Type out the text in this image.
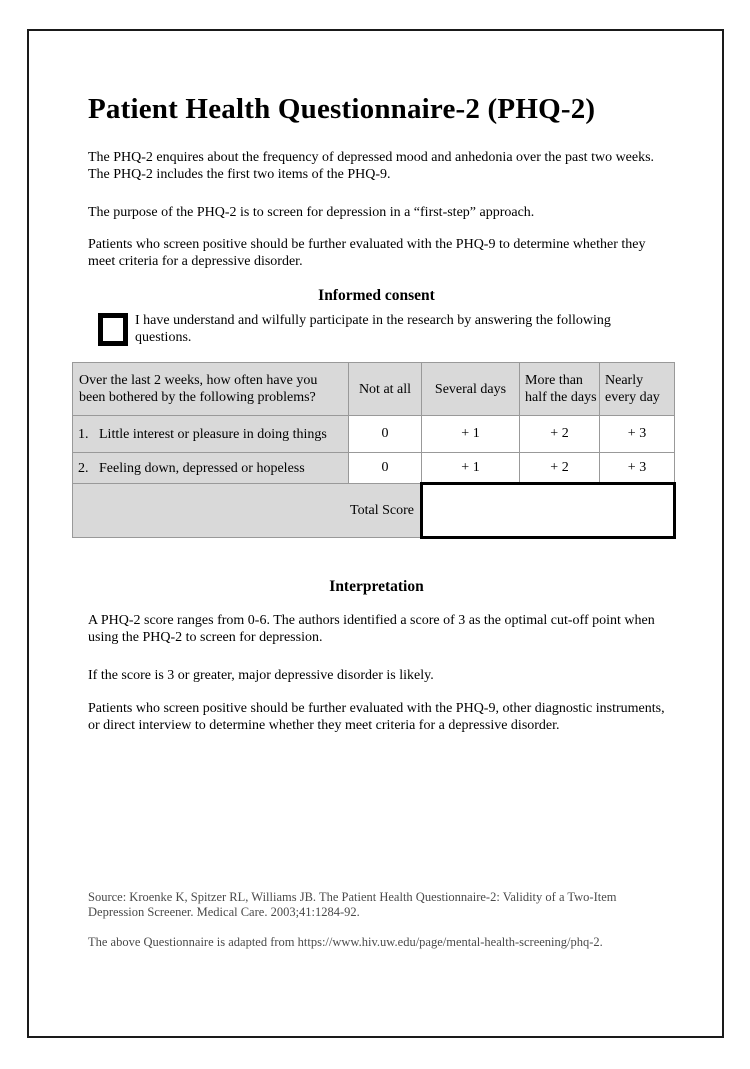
Patient Health Questionnaire-2 (PHQ-2)

The PHQ-2 enquires about the frequency of depressed mood and anhedonia over the past two weeks. The PHQ-2 includes the first two items of the PHQ-9.

The purpose of the PHQ-2 is to screen for depression in a “first-step” approach.

Patients who screen positive should be further evaluated with the PHQ-9 to determine whether they meet criteria for a depressive disorder.

Informed consent

I have understand and wilfully participate in the research by answering the following questions.

Over the last 2 weeks, how often have you been bothered by the following problems?	Not at all	Several days	More than half the days	Nearly every day

1. Little interest or pleasure in doing things	0	+ 1	+ 2	+ 3

2. Feeling down, depressed or hopeless	0	+ 1	+ 2	+ 3
Total Score				
Interpretation

A PHQ-2 score ranges from 0-6. The authors identified a score of 3 as the optimal cut-off point when using the PHQ-2 to screen for depression.

If the score is 3 or greater, major depressive disorder is likely.

Patients who screen positive should be further evaluated with the PHQ-9, other diagnostic instruments, or direct interview to determine whether they meet criteria for a depressive disorder.

Source: Kroenke K, Spitzer RL, Williams JB. The Patient Health Questionnaire-2: Validity of a Two-Item Depression Screener. Medical Care. 2003;41:1284-92.

The above Questionnaire is adapted from https://www.hiv.uw.edu/page/mental-health-screening/phq-2.
